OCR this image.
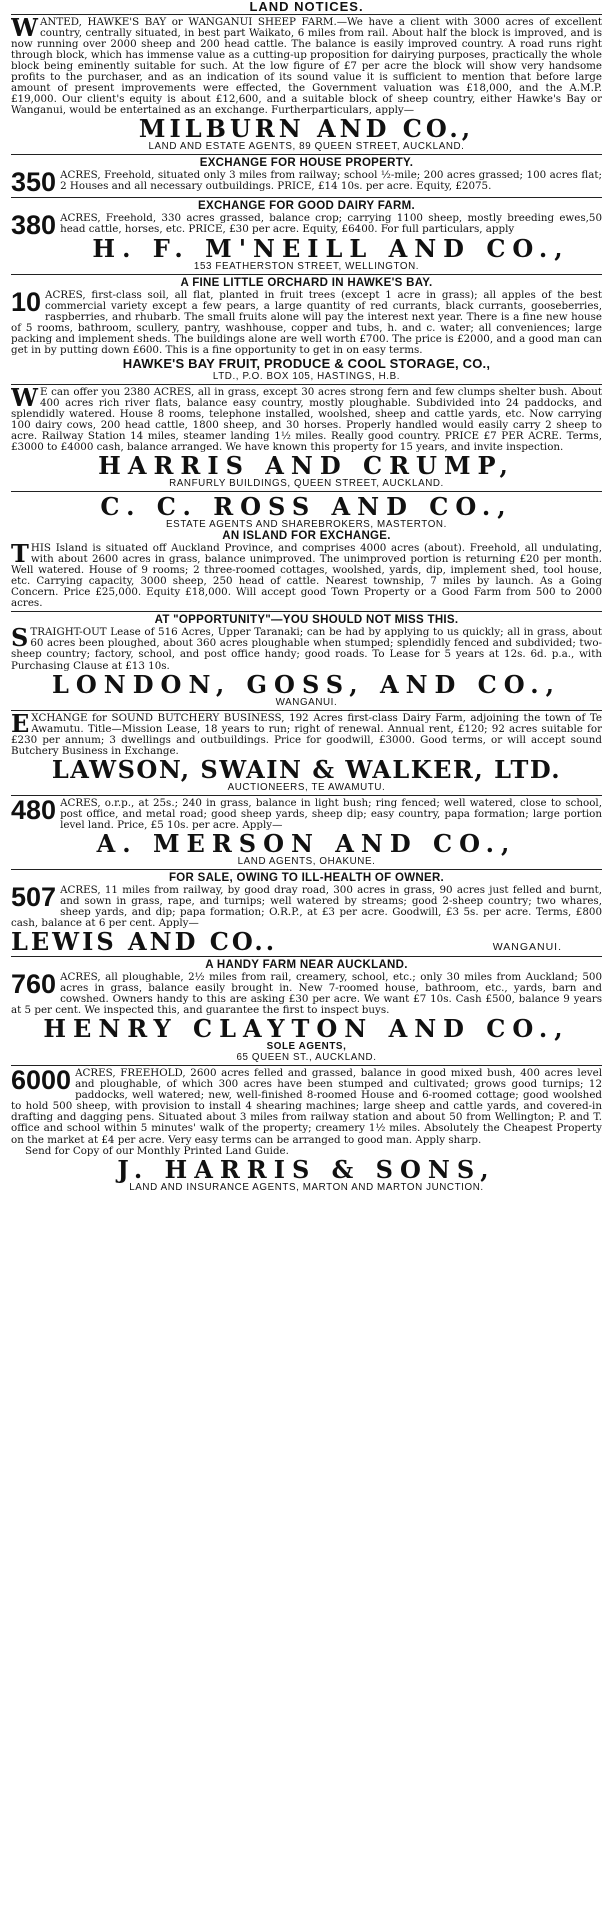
LAND NOTICES.

WANTED, HAWKE'S BAY or WANGANUI SHEEP FARM.—We have a client with 3000 acres of excellent country, centrally situated, in best part Waikato, 6 miles from rail. About half the block is improved, and is now running over 2000 sheep and 200 head cattle. The balance is easily improved country. A road runs right through block, which has immense value as a cutting-up proposition for dairying purposes, practically the whole block being eminently suitable for such. At the low figure of £7 per acre the block will show very handsome profits to the purchaser, and as an indication of its sound value it is sufficient to mention that before large amount of present improvements were effected, the Government valuation was £18,000, and the A.M.P. £19,000. Our client's equity is about £12,600, and a suitable block of sheep country, either Hawke's Bay or Wanganui, would be entertained as an exchange. Furtherparticulars, apply—

MILBURN AND CO.,
LAND AND ESTATE AGENTS, 89 QUEEN STREET, AUCKLAND.
EXCHANGE FOR HOUSE PROPERTY.

350 ACRES, Freehold, situated only 3 miles from railway; school ½-mile; 200 acres grassed; 100 acres flat; 2 Houses and all necessary outbuildings. PRICE, £14 10s. per acre. Equity, £2075.

EXCHANGE FOR GOOD DAIRY FARM.

380 ACRES, Freehold, 330 acres grassed, balance crop; carrying 1100 sheep, mostly breeding ewes,50 head cattle, horses, etc. PRICE, £30 per acre. Equity, £6400. For full particulars, apply

H. F. M'NEILL AND CO.,
153 FEATHERSTON STREET, WELLINGTON.
A FINE LITTLE ORCHARD IN HAWKE'S BAY.

10 ACRES, first-class soil, all flat, planted in fruit trees (except 1 acre in grass); all apples of the best commercial variety except a few pears, a large quantity of red currants, black currants, gooseberries, raspberries, and rhubarb. The small fruits alone will pay the interest next year. There is a fine new house of 5 rooms, bathroom, scullery, pantry, washhouse, copper and tubs, h. and c. water; all conveniences; large packing and implement sheds. The buildings alone are well worth £700. The price is £2000, and a good man can get in by putting down £600. This is a fine opportunity to get in on easy terms.

HAWKE'S BAY FRUIT, PRODUCE & COOL STORAGE, CO.,
LTD., P.O. BOX 105, HASTINGS, H.B.

W E can offer you 2380 ACRES, all in grass, except 30 acres strong fern and few clumps shelter bush. About 400 acres rich river flats, balance easy country, mostly ploughable. Subdivided into 24 paddocks, and splendidly watered. House 8 rooms, telephone installed, woolshed, sheep and cattle yards, etc. Now carrying 100 dairy cows, 200 head cattle, 1800 sheep, and 30 horses. Properly handled would easily carry 2 sheep to acre. Railway Station 14 miles, steamer landing 1½ miles. Really good country. PRICE £7 PER ACRE. Terms, £3000 to £4000 cash, balance arranged. We have known this property for 15 years, and invite inspection.

HARRIS AND CRUMP,
RANFURLY BUILDINGS, QUEEN STREET, AUCKLAND.
C. C. ROSS AND CO.,
ESTATE AGENTS AND SHAREBROKERS, MASTERTON.
AN ISLAND FOR EXCHANGE.

THIS Island is situated off Auckland Province, and comprises 4000 acres (about). Freehold, all undulating, with about 2600 acres in grass, balance unimproved. The unimproved portion is returning £20 per month. Well watered. House of 9 rooms; 2 three-roomed cottages, woolshed, yards, dip, implement shed, tool house, etc. Carrying capacity, 3000 sheep, 250 head of cattle. Nearest township, 7 miles by launch. As a Going Concern. Price £25,000. Equity £18,000. Will accept good Town Property or a Good Farm from 500 to 2000 acres.

AT "OPPORTUNITY"—YOU SHOULD NOT MISS THIS.

STRAIGHT-OUT Lease of 516 Acres, Upper Taranaki; can be had by applying to us quickly; all in grass, about 60 acres been ploughed, about 360 acres ploughable when stumped; splendidly fenced and subdivided; two-sheep country; factory, school, and post office handy; good roads. To Lease for 5 years at 12s. 6d. p.a., with Purchasing Clause at £13 10s.

LONDON, GOSS, AND CO.,
WANGANUI.

EXCHANGE for SOUND BUTCHERY BUSINESS, 192 Acres first-class Dairy Farm, adjoining the town of Te Awamutu. Title—Mission Lease, 18 years to run; right of renewal. Annual rent, £120; 92 acres suitable for £230 per annum; 3 dwellings and outbuildings. Price for goodwill, £3000. Good terms, or will accept sound Butchery Business in Exchange.

LAWSON, SWAIN & WALKER, LTD.
AUCTIONEERS, TE AWAMUTU.

480 ACRES, o.r.p., at 25s.; 240 in grass, balance in light bush; ring fenced; well watered, close to school, post office, and metal road; good sheep yards, sheep dip; easy country, papa formation; large portion level land. Price, £5 10s. per acre. Apply—

A. MERSON AND CO.,
LAND AGENTS, OHAKUNE.
FOR SALE, OWING TO ILL-HEALTH OF OWNER.

507 ACRES, 11 miles from railway, by good dray road, 300 acres in grass, 90 acres just felled and burnt, and sown in grass, rape, and turnips; well watered by streams; good 2-sheep country; two whares, sheep yards, and dip; papa formation; O.R.P., at £3 per acre. Goodwill, £3 5s. per acre. Terms, £800 cash, balance at 6 per cent. Apply—

LEWIS AND CO..	WANGANUI.
A HANDY FARM NEAR AUCKLAND.

760 ACRES, all ploughable, 2½ miles from rail, creamery, school, etc.; only 30 miles from Auckland; 500 acres in grass, balance easily brought in. New 7-roomed house, bathroom, etc., yards, barn and cowshed. Owners handy to this are asking £30 per acre. We want £7 10s. Cash £500, balance 9 years at 5 per cent. We inspected this, and guarantee the first to inspect buys.

HENRY CLAYTON AND CO.,
SOLE AGENTS,
65 QUEEN ST., AUCKLAND.

6000 ACRES, FREEHOLD, 2600 acres felled and grassed, balance in good mixed bush, 400 acres level and ploughable, of which 300 acres have been stumped and cultivated; grows good turnips; 12 paddocks, well watered; new, well-finished 8-roomed House and 6-roomed cottage; good woolshed to hold 500 sheep, with provision to install 4 shearing machines; large sheep and cattle yards, and covered-in drafting and dagging pens. Situated about 3 miles from railway station and about 50 from Wellington; P. and T. office and school within 5 minutes' walk of the property; creamery 1½ miles. Absolutely the Cheapest Property on the market at £4 per acre. Very easy terms can be arranged to good man. Apply sharp.

Send for Copy of our Monthly Printed Land Guide.

J. HARRIS & SONS,
LAND AND INSURANCE AGENTS, MARTON AND MARTON JUNCTION.
